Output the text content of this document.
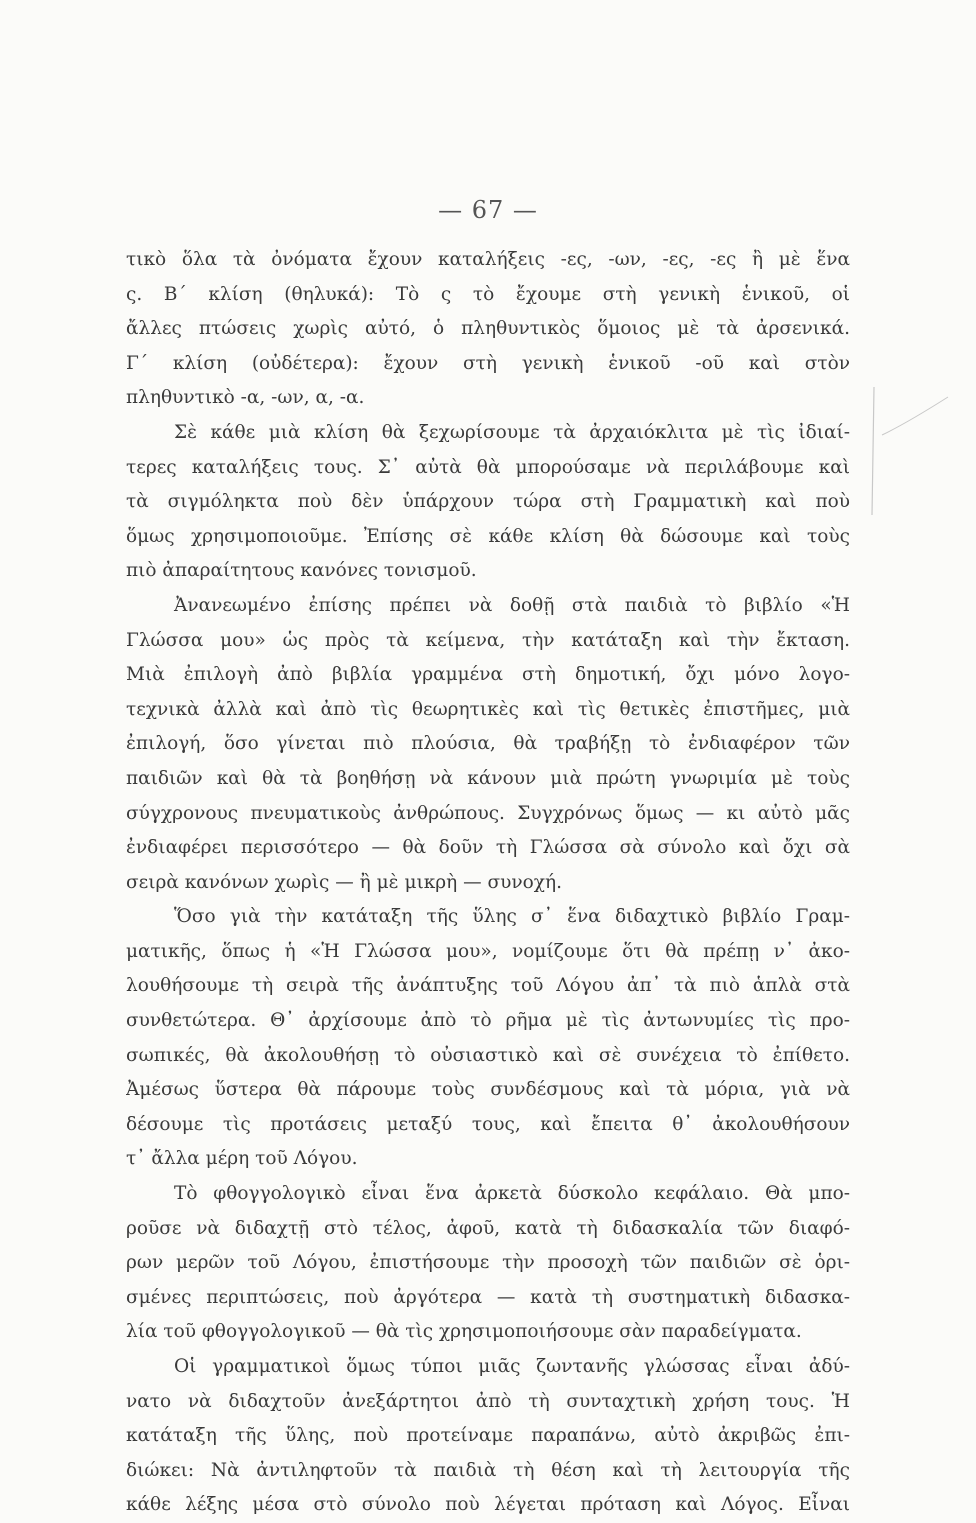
— 67 —
τικὸ ὅλα τὰ ὀνόματα ἔχουν καταλήξεις -ες, -ων, -ες, -ες ἢ μὲ ἕνα
ς. Β΄ κλίση (θηλυκά): Τὸ ς τὸ ἔχουμε στὴ γενικὴ ἑνικοῦ, οἱ
ἄλλες πτώσεις χωρὶς αὐτό, ὁ πληθυντικὸς ὅμοιος μὲ τὰ ἀρσενικά.
Γ΄ κλίση (οὐδέτερα): ἔχουν στὴ γενικὴ ἑνικοῦ -οῦ καὶ στὸν
πληθυντικὸ -α, -ων, α, -α.
Σὲ κάθε μιὰ κλίση θὰ ξεχωρίσουμε τὰ ἀρχαιόκλιτα μὲ τὶς ἰδιαί-
τερες καταλήξεις τους. Σ᾽ αὐτὰ θὰ μπορούσαμε νὰ περιλάβουμε καὶ
τὰ σιγμόληκτα ποὺ δὲν ὑπάρχουν τώρα στὴ Γραμματικὴ καὶ ποὺ
ὅμως χρησιμοποιοῦμε. Ἐπίσης σὲ κάθε κλίση θὰ δώσουμε καὶ τοὺς
πιὸ ἀπαραίτητους κανόνες τονισμοῦ.
Ἀνανεωμένο ἐπίσης πρέπει νὰ δοθῇ στὰ παιδιὰ τὸ βιβλίο «Ἡ
Γλώσσα μου» ὡς πρὸς τὰ κείμενα, τὴν κατάταξη καὶ τὴν ἔκταση.
Μιὰ ἐπιλογὴ ἀπὸ βιβλία γραμμένα στὴ δημοτική, ὄχι μόνο λογο-
τεχνικὰ ἀλλὰ καὶ ἀπὸ τὶς θεωρητικὲς καὶ τὶς θετικὲς ἐπιστῆμες, μιὰ
ἐπιλογή, ὅσο γίνεται πιὸ πλούσια, θὰ τραβήξῃ τὸ ἐνδιαφέρον τῶν
παιδιῶν καὶ θὰ τὰ βοηθήσῃ νὰ κάνουν μιὰ πρώτη γνωριμία μὲ τοὺς
σύγχρονους πνευματικοὺς ἀνθρώπους. Συγχρόνως ὅμως — κι αὐτὸ μᾶς
ἐνδιαφέρει περισσότερο — θὰ δοῦν τὴ Γλώσσα σὰ σύνολο καὶ ὄχι σὰ
σειρὰ κανόνων χωρὶς — ἢ μὲ μικρὴ — συνοχή.
Ὅσο γιὰ τὴν κατάταξη τῆς ὕλης σ᾽ ἕνα διδαχτικὸ βιβλίο Γραμ-
ματικῆς, ὅπως ἡ «Ἡ Γλώσσα μου», νομίζουμε ὅτι θὰ πρέπῃ ν᾽ ἀκο-
λουθήσουμε τὴ σειρὰ τῆς ἀνάπτυξης τοῦ Λόγου ἀπ᾽ τὰ πιὸ ἁπλὰ στὰ
συνθετώτερα. Θ᾽ ἀρχίσουμε ἀπὸ τὸ ρῆμα μὲ τὶς ἀντωνυμίες τὶς προ-
σωπικές, θὰ ἀκολουθήσῃ τὸ οὐσιαστικὸ καὶ σὲ συνέχεια τὸ ἐπίθετο.
Ἀμέσως ὕστερα θὰ πάρουμε τοὺς συνδέσμους καὶ τὰ μόρια, γιὰ νὰ
δέσουμε τὶς προτάσεις μεταξύ τους, καὶ ἔπειτα θ᾽ ἀκολουθήσουν
τ᾽ ἄλλα μέρη τοῦ Λόγου.
Τὸ φθογγολογικὸ εἶναι ἕνα ἀρκετὰ δύσκολο κεφάλαιο. Θὰ μπο-
ροῦσε νὰ διδαχτῇ στὸ τέλος, ἀφοῦ, κατὰ τὴ διδασκαλία τῶν διαφό-
ρων μερῶν τοῦ Λόγου, ἐπιστήσουμε τὴν προσοχὴ τῶν παιδιῶν σὲ ὁρι-
σμένες περιπτώσεις, ποὺ ἀργότερα — κατὰ τὴ συστηματικὴ διδασκα-
λία τοῦ φθογγολογικοῦ — θὰ τὶς χρησιμοποιήσουμε σὰν παραδείγματα.
Οἱ γραμματικοὶ ὅμως τύποι μιᾶς ζωντανῆς γλώσσας εἶναι ἀδύ-
νατο νὰ διδαχτοῦν ἀνεξάρτητοι ἀπὸ τὴ συνταχτικὴ χρήση τους. Ἡ
κατάταξη τῆς ὕλης, ποὺ προτείναμε παραπάνω, αὐτὸ ἀκριβῶς ἐπι-
διώκει: Νὰ ἀντιληφτοῦν τὰ παιδιὰ τὴ θέση καὶ τὴ λειτουργία τῆς
κάθε λέξης μέσα στὸ σύνολο ποὺ λέγεται πρόταση καὶ Λόγος. Εἶναι
